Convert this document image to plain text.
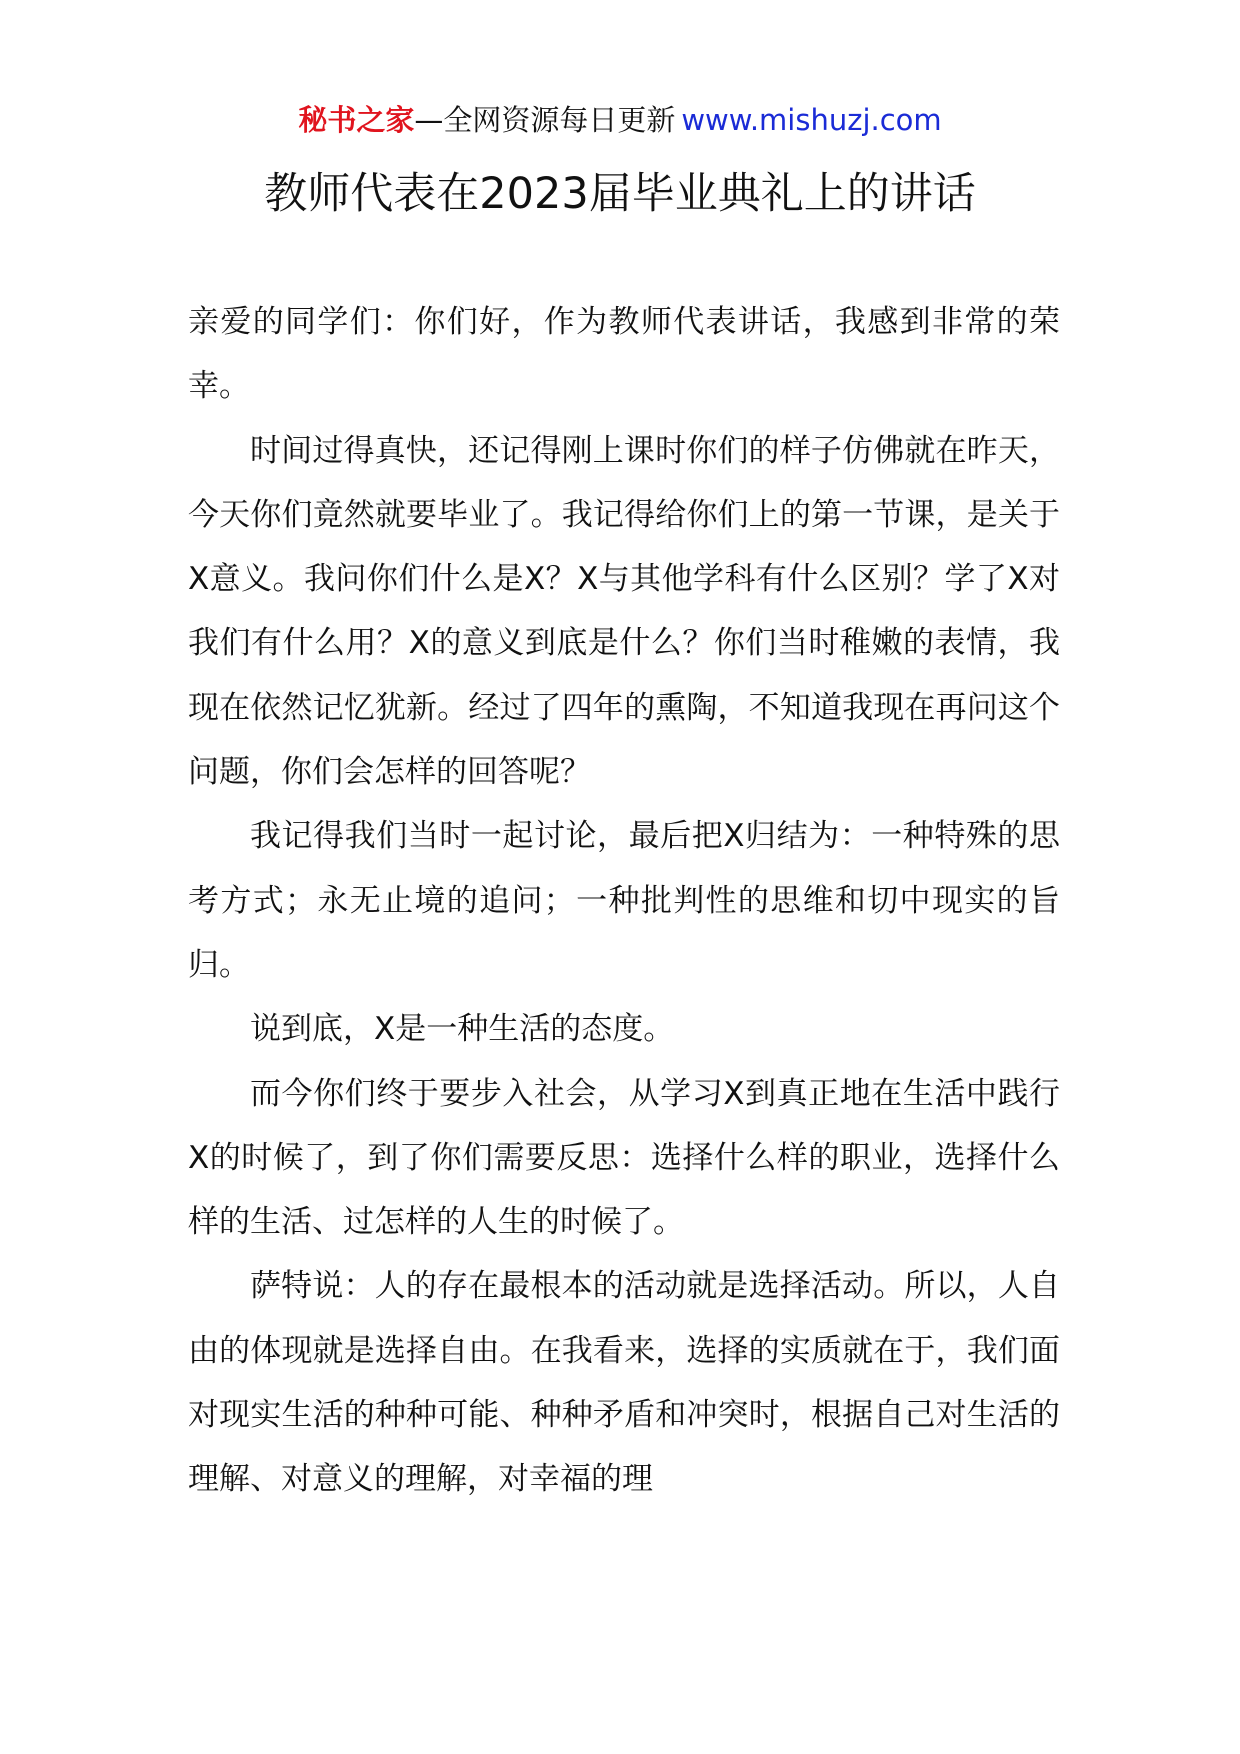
秘书之家—全网资源每日更新 www.mishuzj.com
教师代表在2023届毕业典礼上的讲话

亲爱的同学们：你们好，作为教师代表讲话，我感到非常的荣幸。

时间过得真快，还记得刚上课时你们的样子仿佛就在昨天，今天你们竟然就要毕业了。我记得给你们上的第一节课，是关于X意义。我问你们什么是X？X与其他学科有什么区别？学了X对我们有什么用？X的意义到底是什么？你们当时稚嫩的表情，我现在依然记忆犹新。经过了四年的熏陶，不知道我现在再问这个问题，你们会怎样的回答呢？

我记得我们当时一起讨论，最后把X归结为：一种特殊的思考方式；永无止境的追问；一种批判性的思维和切中现实的旨归。

说到底，X是一种生活的态度。

而今你们终于要步入社会，从学习X到真正地在生活中践行X的时候了，到了你们需要反思：选择什么样的职业，选择什么样的生活、过怎样的人生的时候了。

萨特说：人的存在最根本的活动就是选择活动。所以，人自由的体现就是选择自由。在我看来，选择的实质就在于，我们面对现实生活的种种可能、种种矛盾和冲突时，根据自己对生活的理解、对意义的理解，对幸福的理
